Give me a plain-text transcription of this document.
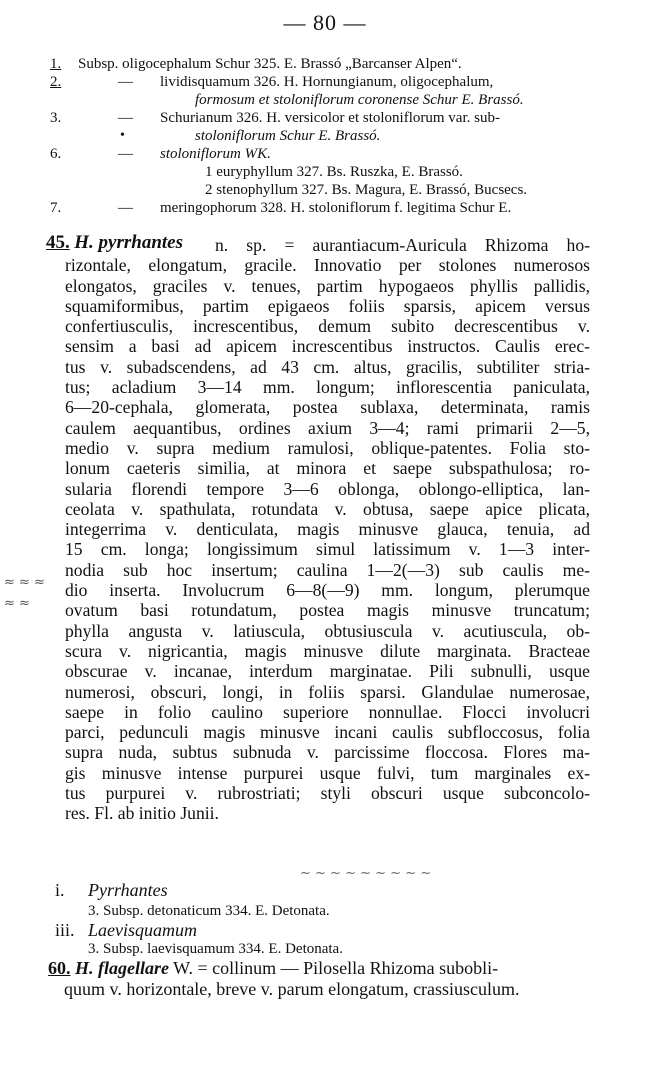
— 80 —
1.	Subsp. oligocephalum Schur 325. E. Brassó „Barcanser Alpen“.
2.	—	lividisquamum 326. H. Hornungianum, oligocephalum,
formosum et stoloniflorum coronense Schur E. Brassó.
3.	—	Schurianum 326. H. versicolor et stoloniflorum var. sub-
•	stoloniflorum Schur E. Brassó.
6.	—	stoloniflorum WK.
1 euryphyllum 327. Bs. Ruszka, E. Brassó.
2 stenophyllum 327. Bs. Magura, E. Brassó, Bucsecs.
7.	—	meringophorum 328. H. stoloniflorum f. legitima Schur E.
45. H. pyrrhantes	n. sp. = aurantiacum-Auricula Rhizoma ho-
rizontale, elongatum, gracile. Innovatio per stolones numerosos
elongatos, graciles v. tenues, partim hypogaeos phyllis pallidis,
squamiformibus, partim epigaeos foliis sparsis, apicem versus
confertiusculis, increscentibus, demum subito decrescentibus v.
sensim a basi ad apicem increscentibus instructos. Caulis erec-
tus v. subadscendens, ad 43 cm. altus, gracilis, subtiliter stria-
tus; acladium 3—14 mm. longum; inflorescentia paniculata,
6—20-cephala, glomerata, postea sublaxa, determinata, ramis
caulem aequantibus, ordines axium 3—4; rami primarii 2—5,
medio v. supra medium ramulosi, oblique-patentes. Folia sto-
lonum caeteris similia, at minora et saepe subspathulosa; ro-
sularia florendi tempore 3—6 oblonga, oblongo-elliptica, lan-
ceolata v. spathulata, rotundata v. obtusa, saepe apice plicata,
integerrima v. denticulata, magis minusve glauca, tenuia, ad
15 cm. longa; longissimum simul latissimum v. 1—3 inter-
nodia sub hoc insertum; caulina 1—2(—3) sub caulis me-
dio inserta. Involucrum 6—8(—9) mm. longum, plerumque
ovatum basi rotundatum, postea magis minusve truncatum;
phylla angusta v. latiuscula, obtusiuscula v. acutiuscula, ob-
scura v. nigricantia, magis minusve dilute marginata. Bracteae
obscurae v. incanae, interdum marginatae. Pili subnulli, usque
numerosi, obscuri, longi, in foliis sparsi. Glandulae numerosae,
saepe in folio caulino superiore nonnullae. Flocci involucri
parci, pedunculi magis minusve incani caulis subfloccosus, folia
supra nuda, subtus subnuda v. parcissime floccosa. Flores ma-
gis minusve intense purpurei usque fulvi, tum marginales ex-
tus purpurei v. rubrostriati; styli obscuri usque subconcolo-
res. Fl. ab initio Junii.
≈ ≈ ≈
≈ ≈
~ ~ ~ ~ ~ ~ ~ ~ ~
i. Pyrrhantes
3. Subsp. detonaticum 334. E. Detonata.
iii. Laevisquamum
3. Subsp. laevisquamum 334. E. Detonata.
60. H. flagellare W. = collinum — Pilosella Rhizoma subobli-
quum v. horizontale, breve v. parum elongatum, crassiusculum.
